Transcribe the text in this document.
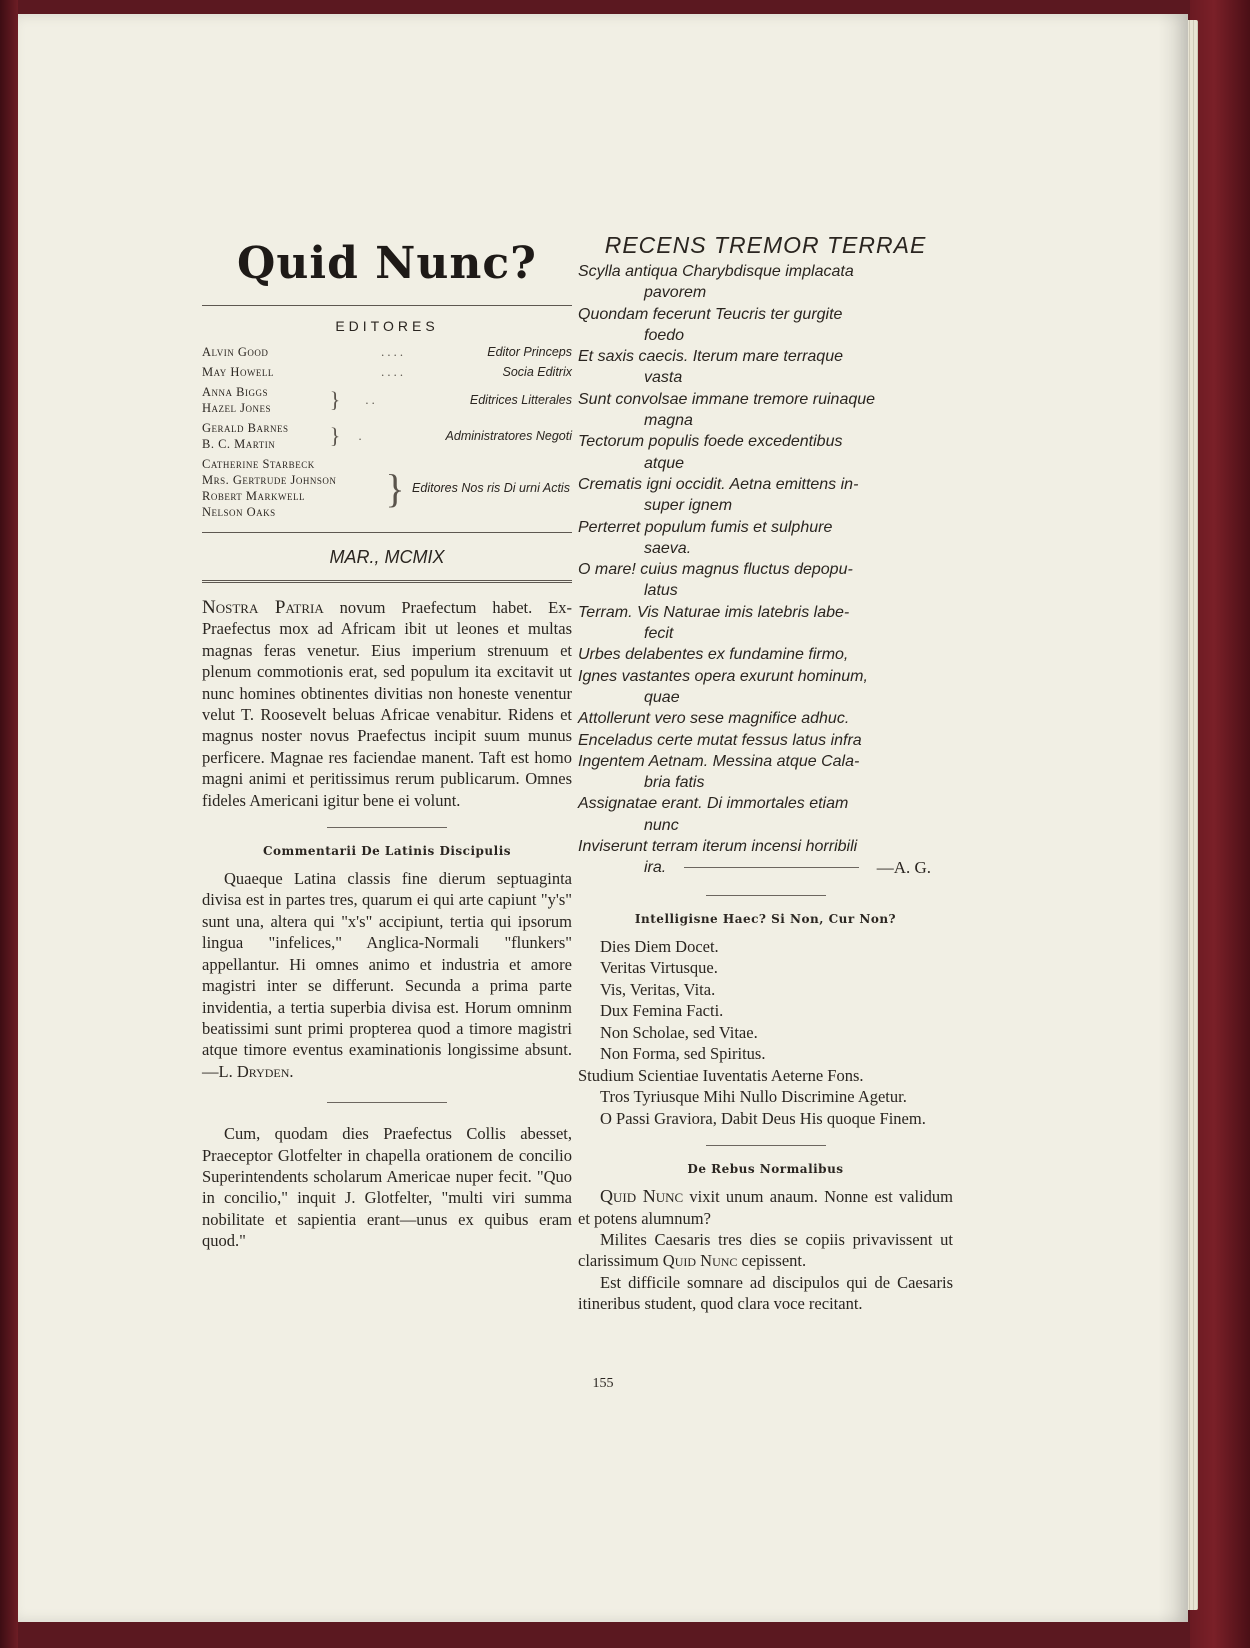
Quid Nunc?
EDITORES
Alvin Good	. . . .	Editor Princeps
May Howell	. . . .	Socia Editrix
Anna Biggs
Hazel Jones	}	. .	Editrices Litterales
Gerald Barnes
B. C. Martin	}	.	Administratores Negoti
Catherine Starbeck
Mrs. Gertrude Johnson
Robert Markwell
Nelson Oaks
} Editores Nos ris Di urni Actis
MAR., MCMIX

Nostra Patria novum Praefectum habet. Ex-Praefectus mox ad Africam ibit ut leones et multas magnas feras venetur. Eius imperium strenuum et plenum commotionis erat, sed populum ita excitavit ut nunc homines obtinentes divitias non honeste venentur velut T. Roosevelt beluas Africae venabitur. Ridens et magnus noster novus Praefectus incipit suum munus perficere. Magnae res faciendae manent. Taft est homo magni animi et peritissimus rerum publicarum. Omnes fideles Americani igitur bene ei volunt.

Commentarii De Latinis Discipulis

Quaeque Latina classis fine dierum septuaginta divisa est in partes tres, quarum ei qui arte capiunt "y's" sunt una, altera qui "x's" accipiunt, tertia qui ipsorum lingua "infelices," Anglica-Normali "flunkers" appellantur. Hi omnes animo et industria et amore magistri inter se differunt. Secunda a prima parte invidentia, a tertia superbia divisa est. Horum omninm beatissimi sunt primi propterea quod a timore magistri atque timore eventus examinationis longissime absunt.—L. Dryden.

Cum, quodam dies Praefectus Collis abesset, Praeceptor Glotfelter in chapella orationem de concilio Superintendents scholarum Americae nuper fecit. "Quo in concilio," inquit J. Glotfelter, "multi viri summa nobilitate et sapientia erant—unus ex quibus eram quod."

RECENS TREMOR TERRAE
Scylla antiqua Charybdisque implacata
pavorem
Quondam fecerunt Teucris ter gurgite
foedo
Et saxis caecis. Iterum mare terraque
vasta
Sunt convolsae immane tremore ruinaque
magna
Tectorum populis foede excedentibus
atque
Crematis igni occidit. Aetna emittens in-
super ignem
Perterret populum fumis et sulphure
saeva.
O mare! cuius magnus fluctus depopu-
latus
Terram. Vis Naturae imis latebris labe-
fecit
Urbes delabentes ex fundamine firmo,
Ignes vastantes opera exurunt hominum,
quae
Attollerunt vero sese magnifice adhuc.
Enceladus certe mutat fessus latus infra
Ingentem Aetnam. Messina atque Cala-
bria fatis
Assignatae erant. Di immortales etiam
nunc
Inviserunt terram iterum incensi horribili
ira.	—A. G.
Intelligisne Haec? Si Non, Cur Non?

Dies Diem Docet.

Veritas Virtusque.

Vis, Veritas, Vita.

Dux Femina Facti.

Non Scholae, sed Vitae.

Non Forma, sed Spiritus.

Studium Scientiae Iuventatis Aeterne Fons.

Tros Tyriusque Mihi Nullo Discrimine Agetur.

O Passi Graviora, Dabit Deus His quoque Finem.

De Rebus Normalibus

Quid Nunc vixit unum anaum. Nonne est validum et potens alumnum?

Milites Caesaris tres dies se copiis privavissent ut clarissimum Quid Nunc cepissent.

Est difficile somnare ad discipulos qui de Caesaris itineribus student, quod clara voce recitant.

155
